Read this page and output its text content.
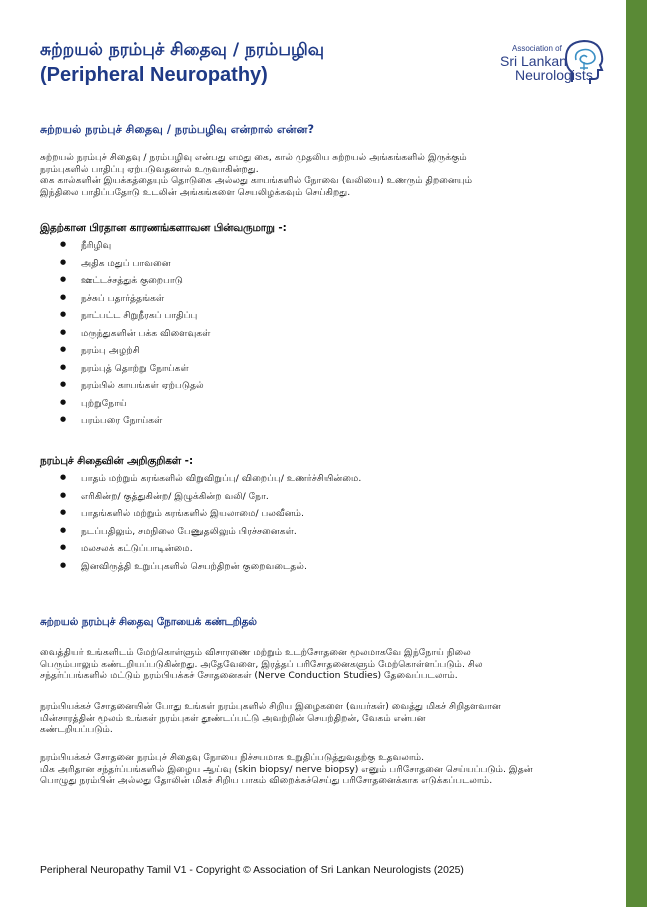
சுற்றயல் நரம்புச் சிதைவு / நரம்பழிவு
(Peripheral Neuropathy)
Association of
Sri Lankan
Neurologists
சுற்றயல் நரம்புச் சிதைவு / நரம்பழிவு என்றால் என்ன?
சுற்றயல் நரம்புச் சிதைவு / நரம்பழிவு என்பது எமது கை, கால் முதலிய சுற்றயல் அங்கங்களில் இருக்கும்
நரம்புகளில் பாதிப்பு ஏற்படுவதனால் உருவாகின்றது.
கை கால்களின் இயக்கத்தையும் தொடுகை அல்லது காயங்களில் நோவை (வலியை) உணரும் திறனையும்
இந்திலை பாதிப்பதோடு உடலின் அங்கங்களை செயலிழக்கவும் செய்கிறது.
இதற்கான பிரதான காரணங்களாவன பின்வருமாறு -:
● நீரிழிவு
● அதிக மதுப் பாவனை
● ஊட்டச்சத்துக் குறைபாடு
● நச்சுப் பதார்த்தங்கள்
● நாட்பட்ட சிறுநீரகப் பாதிப்பு
● மருந்துகளின் பக்க விளைவுகள்
● நரம்பு அழற்சி
● நரம்புத் தொற்று நோய்கள்
● நரம்பில் காயங்கள் ஏற்படுதல்
● புற்றுநோய்
● பரம்பரை நோய்கள்
நரம்புச் சிதைவின் அறிகுறிகள் -:
● பாதம் மற்றும் கரங்களில் விறுவிறுப்பு/ விறைப்பு/ உணர்ச்சியின்மை.
● எரிகின்ற/ குத்துகின்ற/ இழுக்கின்ற வலி/ நோ.
● பாதங்களில் மற்றும் கரங்களில் இயலாமை/ பலவீனம்.
● நடப்பதிலும், சமநிலை பேணுதலிலும் பிரச்சனைகள்.
● மலசலக் கட்டுப்பாடின்மை.
● இனவிருத்தி உறுப்புகளில் செயற்திறன் குறைவடைதல்.
சுற்றயல் நரம்புச் சிதைவு நோயைக் கண்டறிதல்
வைத்தியர் உங்களிடம் மேற்கொள்ளும் விசாரணை மற்றும் உடற்சோதனை மூலமாகவே இந்நோய் நிலை
பெரும்பாலும் கண்டறியப்படுகின்றது. அதேவேளை, இரத்தப் பரிசோதனைகளும் மேற்கொள்ளப்படும். சில
சந்தர்ப்பங்களில் மட்டும் நரம்பியக்கச் சோதனைகள் (Nerve Conduction Studies) தேவைப்படலாம்.
நரம்பியக்கச் சோதனையின் போது உங்கள் நரம்புகளில் சிறிய இழைகளை (வயர்கள்) வைத்து மிகச் சிறிதளவான
மின்சாரத்தின் மூலம் உங்கள் நரம்புகள் தூண்டப்பட்டு அவற்றின் செயற்திறன், வேகம் என்பன
கண்டறியப்படும்.
நரம்பியக்கச் சோதனை நரம்புச் சிதைவு நோயை நிச்சயமாக உறுதிப்படுத்துவதற்கு உதவலாம்.
மிக அரிதான சந்தர்ப்பங்களில் இழைய ஆய்வு (skin biopsy/ nerve biopsy) எனும் பரிசோதனை செய்யப்படும். இதன்
பொழுது நரம்பின் அல்லது தோலின் மிகச் சிறிய பாகம் விறைக்கச்செய்து பரிசோதனைக்காக எடுக்கப்படலாம்.
Peripheral Neuropathy Tamil V1 - Copyright © Association of Sri Lankan Neurologists (2025)
